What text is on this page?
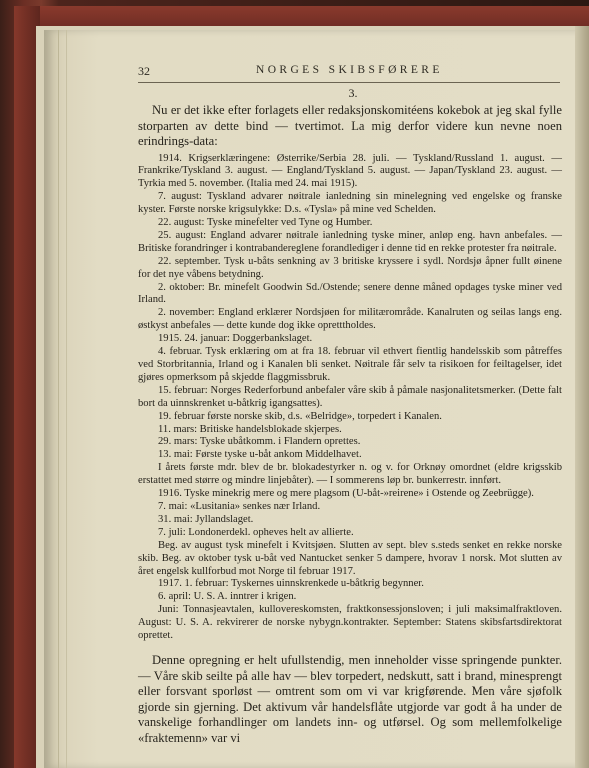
32	NORGES SKIBSFØRERE

3.

Nu er det ikke efter forlagets eller redaksjonskomitéens kokebok at jeg skal fylle storparten av dette bind — tvertimot. La mig derfor videre kun nevne noen erindrings-data:

1914. Krigserklæringene: Østerrike/Serbia 28. juli. — Tyskland/Russland 1. august. — Frankrike/Tyskland 3. august. — England/Tyskland 5. august. — Japan/Tyskland 23. august. — Tyrkia med 5. november. (Italia med 24. mai 1915).

7. august: Tyskland advarer nøitrale ianledning sin minelegning ved engelske og franske kyster. Første norske krigsulykke: D.s. «Tysla» på mine ved Schelden.

22. august: Tyske minefelter ved Tyne og Humber.

25. august: England advarer nøitrale ianledning tyske miner, anløp eng. havn anbefales. — Britiske forandringer i kontrabandereglene forandlediger i denne tid en rekke protester fra nøitrale.

22. september. Tysk u-båts senkning av 3 britiske kryssere i sydl. Nordsjø åpner fullt øinene for det nye våbens betydning.

2. oktober: Br. minefelt Goodwin Sd./Ostende; senere denne måned opdages tyske miner ved Irland.

2. november: England erklærer Nordsjøen for militærområde. Kanalruten og seilas langs eng. østkyst anbefales — dette kunde dog ikke opretttholdes.

1915. 24. januar: Doggerbankslaget.

4. februar. Tysk erklæring om at fra 18. februar vil ethvert fientlig handelsskib som påtreffes ved Storbritannia, Irland og i Kanalen bli senket. Nøitrale får selv ta risikoen for feiltagelser, idet gjøres opmerksom på skjedde flaggmissbruk.

15. februar: Norges Rederforbund anbefaler våre skib å påmale nasjonalitetsmerker. (Dette falt bort da uinnskrenket u-båtkrig igangsattes).

19. februar første norske skib, d.s. «Belridge», torpedert i Kanalen.

11. mars: Britiske handelsblokade skjerpes.

29. mars: Tyske ubåtkomm. i Flandern oprettes.

13. mai: Første tyske u-båt ankom Middelhavet.

I årets første mdr. blev de br. blokadestyrker n. og v. for Orknøy omordnet (eldre krigsskib erstattet med større og mindre linjebåter). — I sommerens løp br. bunkerrestr. innført.

1916. Tyske minekrig mere og mere plagsom (U-båt-»reirene» i Ostende og Zeebrügge).

7. mai: «Lusitania» senkes nær Irland.

31. mai: Jyllandslaget.

7. juli: Londonerdekl. opheves helt av allierte.

Beg. av august tysk minefelt i Kvitsjøen. Slutten av sept. blev s.steds senket en rekke norske skib. Beg. av oktober tysk u-båt ved Nantucket senker 5 dampere, hvorav 1 norsk. Mot slutten av året engelsk kullforbud mot Norge til februar 1917.

1917. 1. februar: Tyskernes uinnskrenkede u-båtkrig begynner.

6. april: U. S. A. inntrer i krigen.

Juni: Tonnasjeavtalen, kullovereskomsten, fraktkonsessjonsloven; i juli maksimalfraktloven. August: U. S. A. rekvirerer de norske nybygn.kontrakter. September: Statens skibsfartsdirektorat oprettet.

Denne opregning er helt ufullstendig, men inneholder visse springende punkter. — Våre skib seilte på alle hav — blev torpedert, nedskutt, satt i brand, minesprengt eller forsvant sporløst — omtrent som om vi var krigførende. Men våre sjøfolk gjorde sin gjerning. Det aktivum vår handelsflåte utgjorde var godt å ha under de vanskelige forhandlinger om landets inn- og utførsel. Og som mellemfolkelige «fraktemenn» var vi
